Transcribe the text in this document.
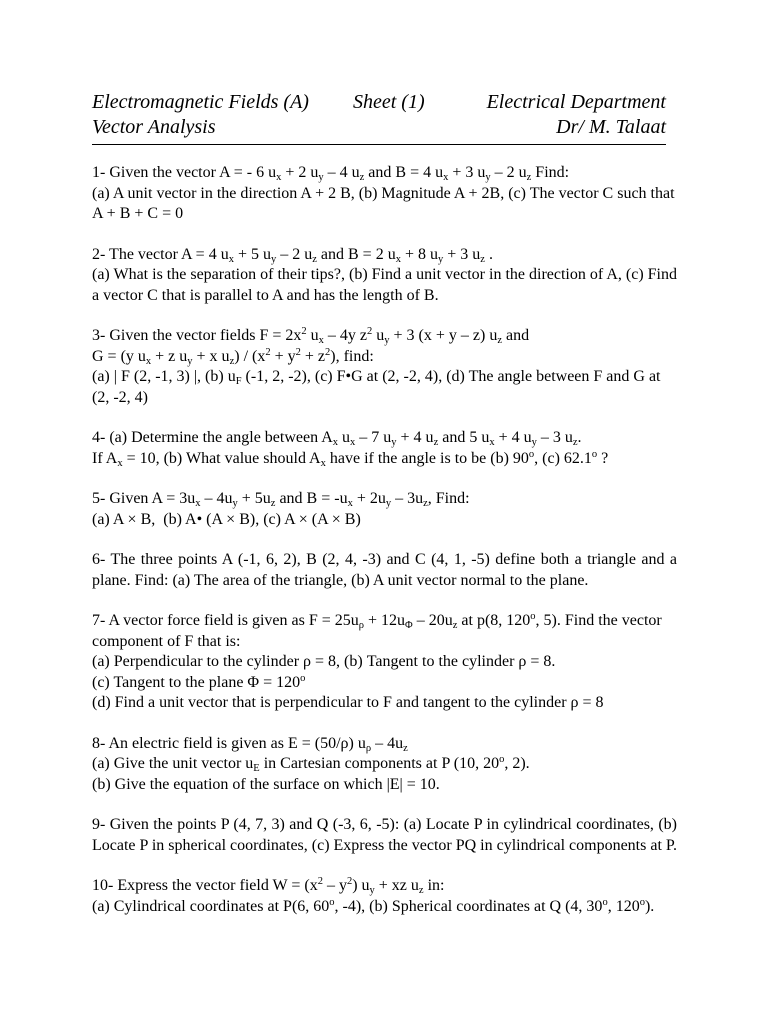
Electromagnetic Fields (A) Sheet (1)	Electrical Department
Vector Analysis	Dr/ M. Talaat

1- Given the vector A = - 6 $u_x + 2$ $u_y - 4$ $u_z$ and B = 4 $u_x + 3$ $u_y - 2$ $u_z$ Find:

(a) A unit vector in the direction A + 2 B, (b) Magnitude A + 2B, (c) The vector C such that A + B + C = 0

2- The vector A = 4 $u_x + 5$ $u_y - 2$ $u_z$ and B = 2 $u_x + 8$ $u_y + 3$ $u_z$ .

(a) What is the separation of their tips?, (b) Find a unit vector in the direction of A, (c) Find a vector C that is parallel to A and has the length of B.

3- Given the vector fields $F = 2x^2$ $u_x - 4y$ $z^2$ $u_y + 3$ (x + y – z) $u_z$ and

G = (y $u_x + z$ $u_y + x$ $u_z) / (x^2 + y^2 + z^2)$, find:

(a) | F (2, -1, 3) |, (b) $u_F$ (-1, 2, -2), (c) F•G at (2, -2, 4), (d) The angle between F and G at (2, -2, 4)

4- (a) Determine the angle between $A_x$ $u_x - 7$ $u_y + 4$ $u_z$ and 5 $u_x + 4$ $u_y - 3$ $u_z$.

If $A_x = 10$, (b) What value should $A_x$ have if the angle is to be (b) 90$^o$, (c) 62.1$^o$ ?

5- Given $A = 3u_x - 4u_y + 5u_z$ and $B = -u_x + 2u_y - 3u_z$, Find:

(a) A × B,  (b) A• (A × B), (c) A × (A × B)

6- The three points A (-1, 6, 2), B (2, 4, -3) and C (4, 1, -5) define both a triangle and a plane. Find: (a) The area of the triangle, (b) A unit vector normal to the plane.

7- A vector force field is given as $F = 25u_\rho + 12u_\Phi - 20u_z$ at p(8, 120$^o$, 5). Find the vector component of F that is:

(a) Perpendicular to the cylinder ρ = 8, (b) Tangent to the cylinder ρ = 8.

(c) Tangent to the plane $\Phi = 120^o$

(d) Find a unit vector that is perpendicular to F and tangent to the cylinder ρ = 8

8- An electric field is given as E = (50/ρ) $u_\rho - 4u_z$

(a) Give the unit vector $u_E$ in Cartesian components at P (10, 20$^o$, 2).

(b) Give the equation of the surface on which |E| = 10.

9- Given the points P (4, 7, 3) and Q (-3, 6, -5): (a) Locate P in cylindrical coordinates, (b) Locate P in spherical coordinates, (c) Express the vector PQ in cylindrical components at P.

10- Express the vector field $W = (x^2 - y^2) u_y$ + xz $u_z$ in:

(a) Cylindrical coordinates at P(6, 60$^o$, -4), (b) Spherical coordinates at Q (4, 30$^o$, 120$^o$).
